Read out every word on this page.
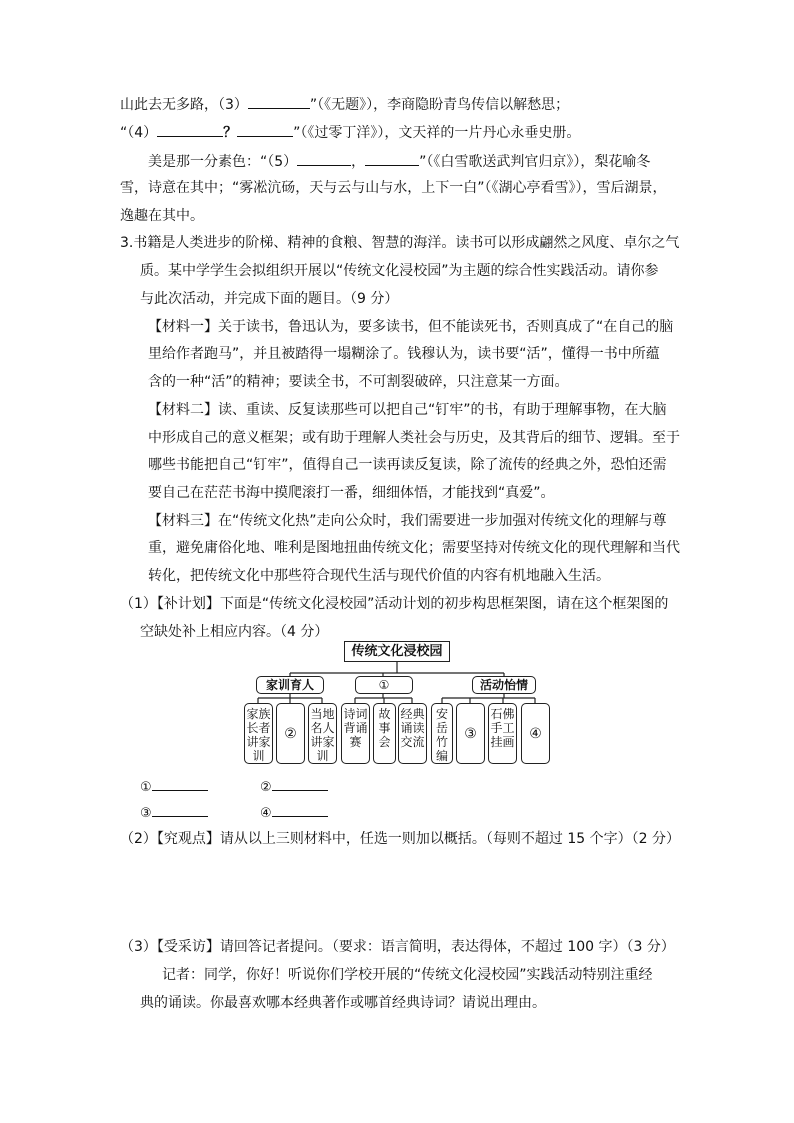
山此去无多路，（3）	”（《无题》），李商隐盼青鸟传信以解愁思；
“（4）	？	”（《过零丁洋》），文天祥的一片丹心永垂史册。
美是那一分素色：“（5）	，	”（《白雪歌送武判官归京》），梨花喻冬
雪，诗意在其中；“雾凇沆砀，天与云与山与水，上下一白”（《湖心亭看雪》），雪后湖景，
逸趣在其中。
3.书籍是人类进步的阶梯、精神的食粮、智慧的海洋。读书可以形成翩然之风度、卓尔之气
质。某中学学生会拟组织开展以“传统文化浸校园”为主题的综合性实践活动。请你参
与此次活动，并完成下面的题目。（9 分）
【材料一】关于读书，鲁迅认为，要多读书，但不能读死书，否则真成了“在自己的脑
里给作者跑马”，并且被踏得一塌糊涂了。钱穆认为，读书要“活”，懂得一书中所蕴
含的一种“活”的精神；要读全书，不可割裂破碎，只注意某一方面。
【材料二】读、重读、反复读那些可以把自己“钉牢”的书，有助于理解事物，在大脑
中形成自己的意义框架；或有助于理解人类社会与历史，及其背后的细节、逻辑。至于
哪些书能把自己“钉牢”，值得自己一读再读反复读，除了流传的经典之外，恐怕还需
要自己在茫茫书海中摸爬滚打一番，细细体悟，才能找到“真爱”。
【材料三】在“传统文化热”走向公众时，我们需要进一步加强对传统文化的理解与尊
重，避免庸俗化地、唯利是图地扭曲传统文化；需要坚持对传统文化的现代理解和当代
转化，把传统文化中那些符合现代生活与现代价值的内容有机地融入生活。
（1）【补计划】下面是“传统文化浸校园”活动计划的初步构思框架图，请在这个框架图的
空缺处补上相应内容。（4 分）
传统文化浸校园
家训育人	①	活动怡情
家族
长者
讲家
训
②
当地
名人
讲家
训
诗词
背诵
赛
故
事
会
经典
诵读
交流
安
岳
竹
编
③
石佛
手工
挂画
④
①	②
③	④
（2）【究观点】请从以上三则材料中，任选一则加以概括。（每则不超过 15 个字）（2 分）
（3）【受采访】请回答记者提问。（要求：语言简明，表达得体，不超过 100 字）（3 分）
记者：同学，你好！听说你们学校开展的“传统文化浸校园”实践活动特别注重经
典的诵读。你最喜欢哪本经典著作或哪首经典诗词？请说出理由。
